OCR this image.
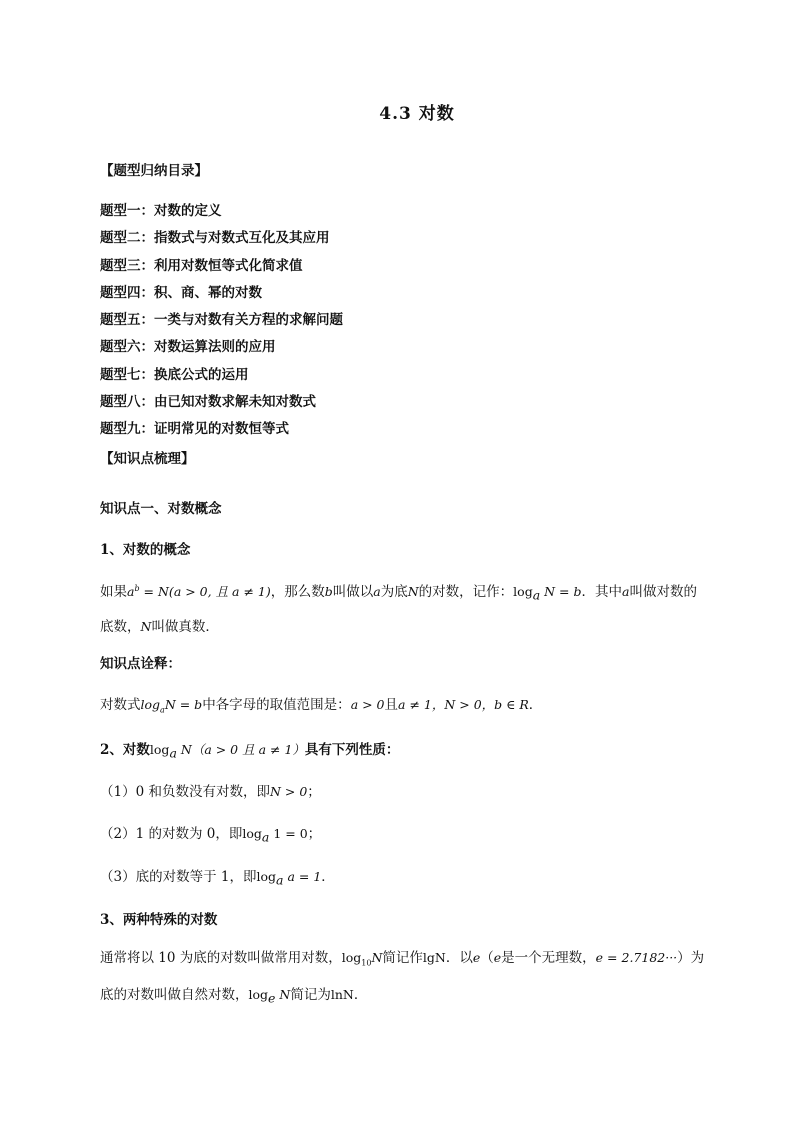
4.3 对数
【题型归纳目录】
题型一：对数的定义
题型二：指数式与对数式互化及其应用
题型三：利用对数恒等式化简求值
题型四：积、商、幂的对数
题型五：一类与对数有关方程的求解问题
题型六：对数运算法则的应用
题型七：换底公式的运用
题型八：由已知对数求解未知对数式
题型九：证明常见的对数恒等式
【知识点梳理】
知识点一、对数概念
1、对数的概念
如果$a^b = N(a > 0$, 且 a ≠ 1)，那么数b叫做以a为底N的对数，记作：$\log_a N = b$．其中a叫做对数的
底数，N叫做真数．
知识点诠释：
对数式$\log_aN = b$中各字母的取值范围是：a > 0且a ≠ 1，N > 0，b ∈ R．
2、对数$\log_a N(a > 0$ 且 a ≠ 1）具有下列性质：
（1）0 和负数没有对数，即N > 0；
（2）1 的对数为 0，即$\log_a 1 = 0$；
（3）底的对数等于 1，即$\log_a a = 1$．
3、两种特殊的对数
通常将以 10 为底的对数叫做常用对数，$\log_{10}N$简记作lgN．以e（e是一个无理数，e = 2.7182···）为
底的对数叫做自然对数，$\log_e N$简记为lnN．
